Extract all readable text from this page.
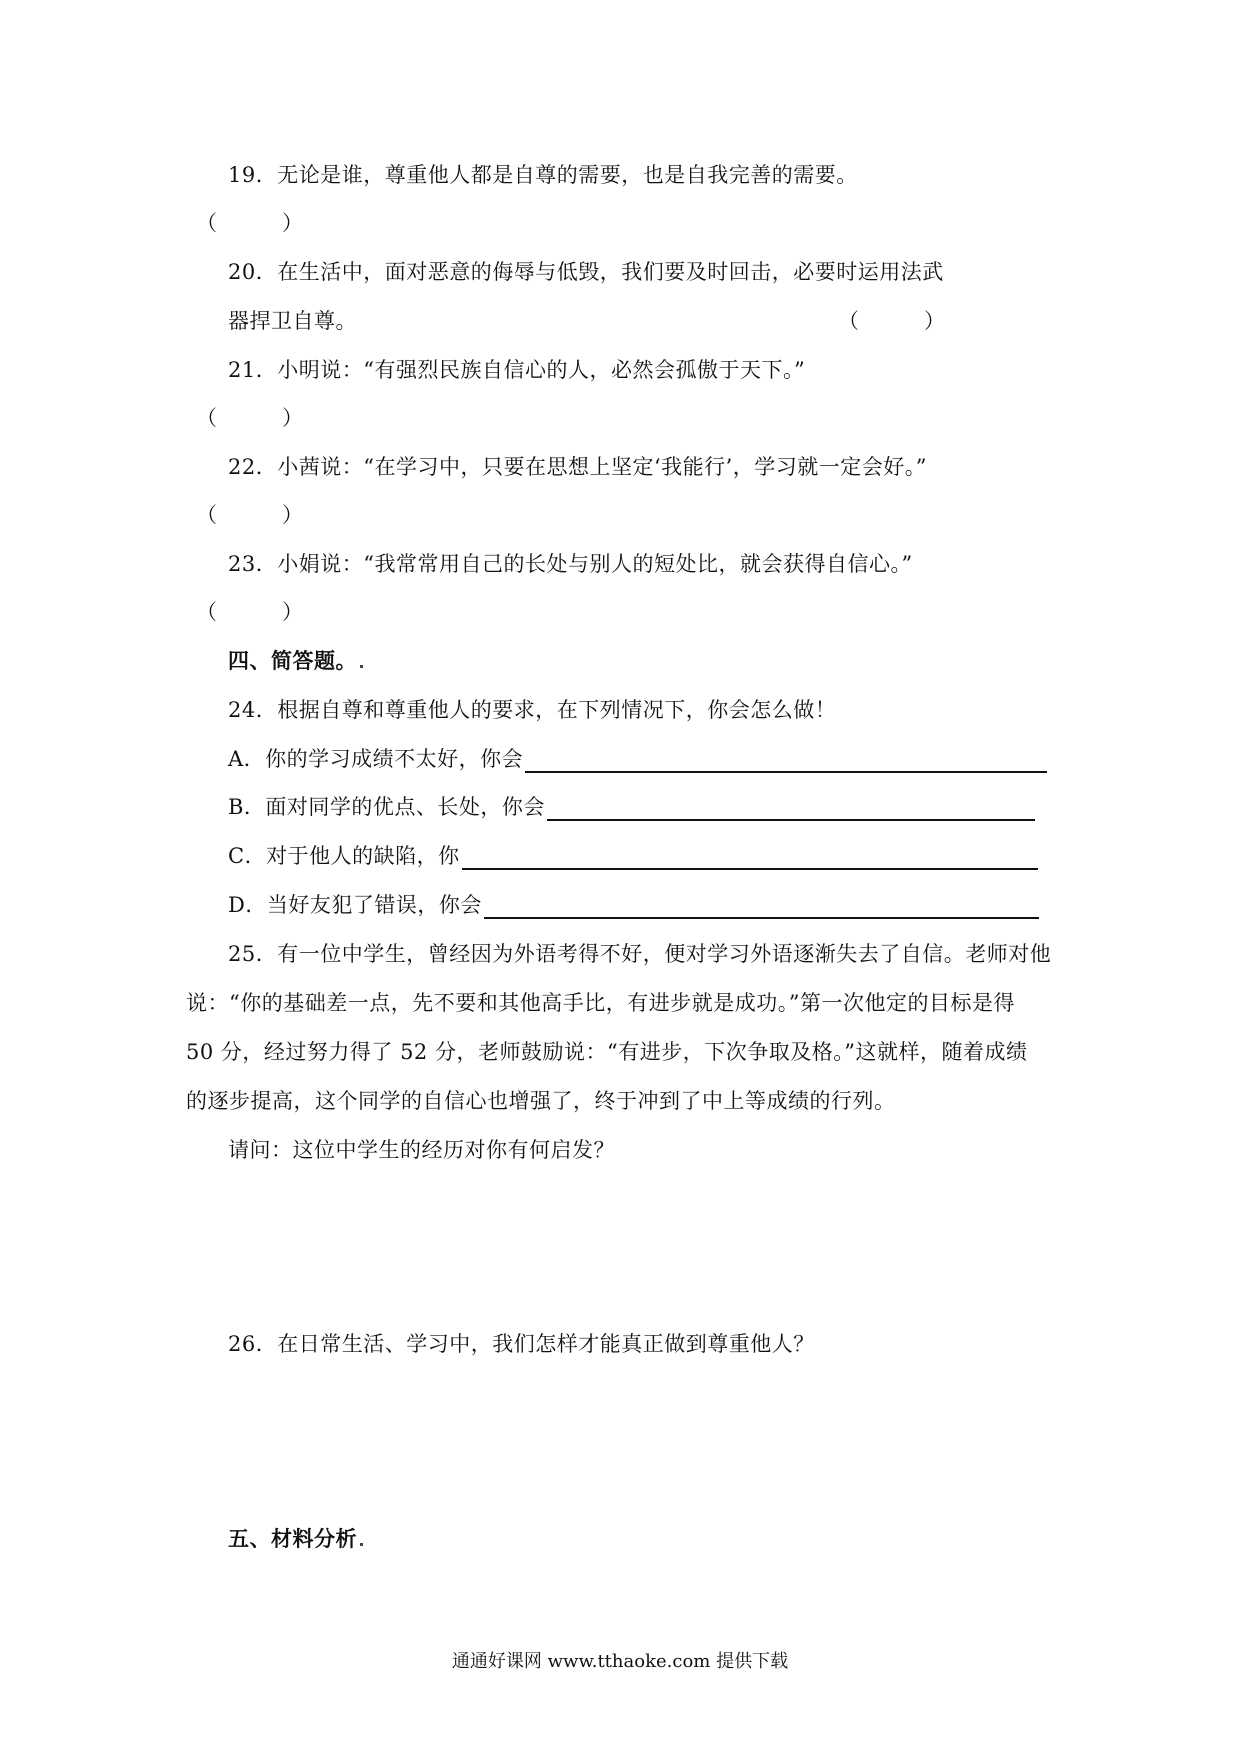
19．无论是谁，尊重他人都是自尊的需要，也是自我完善的需要。
（　　　）
20．在生活中，面对恶意的侮辱与低毁，我们要及时回击，必要时运用法武
器捍卫自尊。	（　　　）
21．小明说：“有强烈民族自信心的人，必然会孤傲于天下。”
（　　　）
22．小茜说：“在学习中，只要在思想上坚定‘我能行’，学习就一定会好。”
（　　　）
23．小娟说：“我常常用自己的长处与别人的短处比，就会获得自信心。”
（　　　）
四、简答题。
24．根据自尊和尊重他人的要求，在下列情况下，你会怎么做！
A．你的学习成绩不太好，你会
B．面对同学的优点、长处，你会
C．对于他人的缺陷，你
D．当好友犯了错误，你会
25．有一位中学生，曾经因为外语考得不好，便对学习外语逐渐失去了自信。老师对他
说：“你的基础差一点，先不要和其他高手比，有进步就是成功。”第一次他定的目标是得
50 分，经过努力得了 52 分，老师鼓励说：“有进步，下次争取及格。”这就样，随着成绩
的逐步提高，这个同学的自信心也增强了，终于冲到了中上等成绩的行列。
请问：这位中学生的经历对你有何启发？
26．在日常生活、学习中，我们怎样才能真正做到尊重他人？
五、材料分析
通通好课网 www.tthaoke.com 提供下载
